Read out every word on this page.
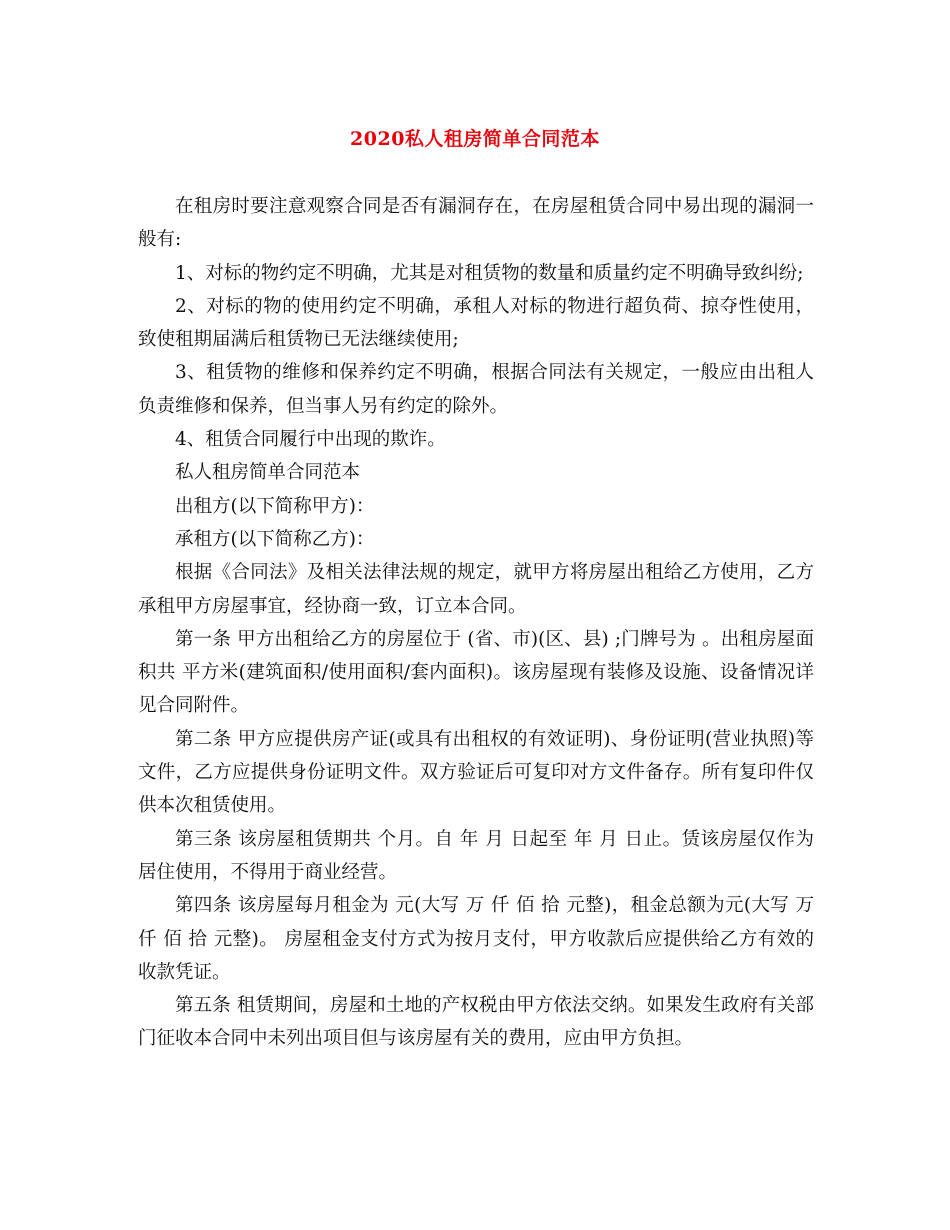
2020私人租房简单合同范本

在租房时要注意观察合同是否有漏洞存在，在房屋租赁合同中易出现的漏洞一般有:

1、对标的物约定不明确，尤其是对租赁物的数量和质量约定不明确导致纠纷;

2、对标的物的使用约定不明确，承租人对标的物进行超负荷、掠夺性使用，致使租期届满后租赁物已无法继续使用;

3、租赁物的维修和保养约定不明确，根据合同法有关规定，一般应由出租人负责维修和保养，但当事人另有约定的除外。

4、租赁合同履行中出现的欺诈。

私人租房简单合同范本

出租方(以下简称甲方)：

承租方(以下简称乙方)：

根据《合同法》及相关法律法规的规定，就甲方将房屋出租给乙方使用，乙方承租甲方房屋事宜，经协商一致，订立本合同。

第一条 甲方出租给乙方的房屋位于 (省、市)(区、县) ;门牌号为 。出租房屋面积共 平方米(建筑面积/使用面积/套内面积)。该房屋现有装修及设施、设备情况详见合同附件。

第二条 甲方应提供房产证(或具有出租权的有效证明)、身份证明(营业执照)等文件，乙方应提供身份证明文件。双方验证后可复印对方文件备存。所有复印件仅供本次租赁使用。

第三条 该房屋租赁期共 个月。自 年 月 日起至 年 月 日止。赁该房屋仅作为居住使用，不得用于商业经营。

第四条 该房屋每月租金为 元(大写 万 仟 佰 拾 元整)，租金总额为元(大写 万 仟 佰 拾 元整)。 房屋租金支付方式为按月支付，甲方收款后应提供给乙方有效的收款凭证。

第五条 租赁期间，房屋和土地的产权税由甲方依法交纳。如果发生政府有关部门征收本合同中未列出项目但与该房屋有关的费用，应由甲方负担。
